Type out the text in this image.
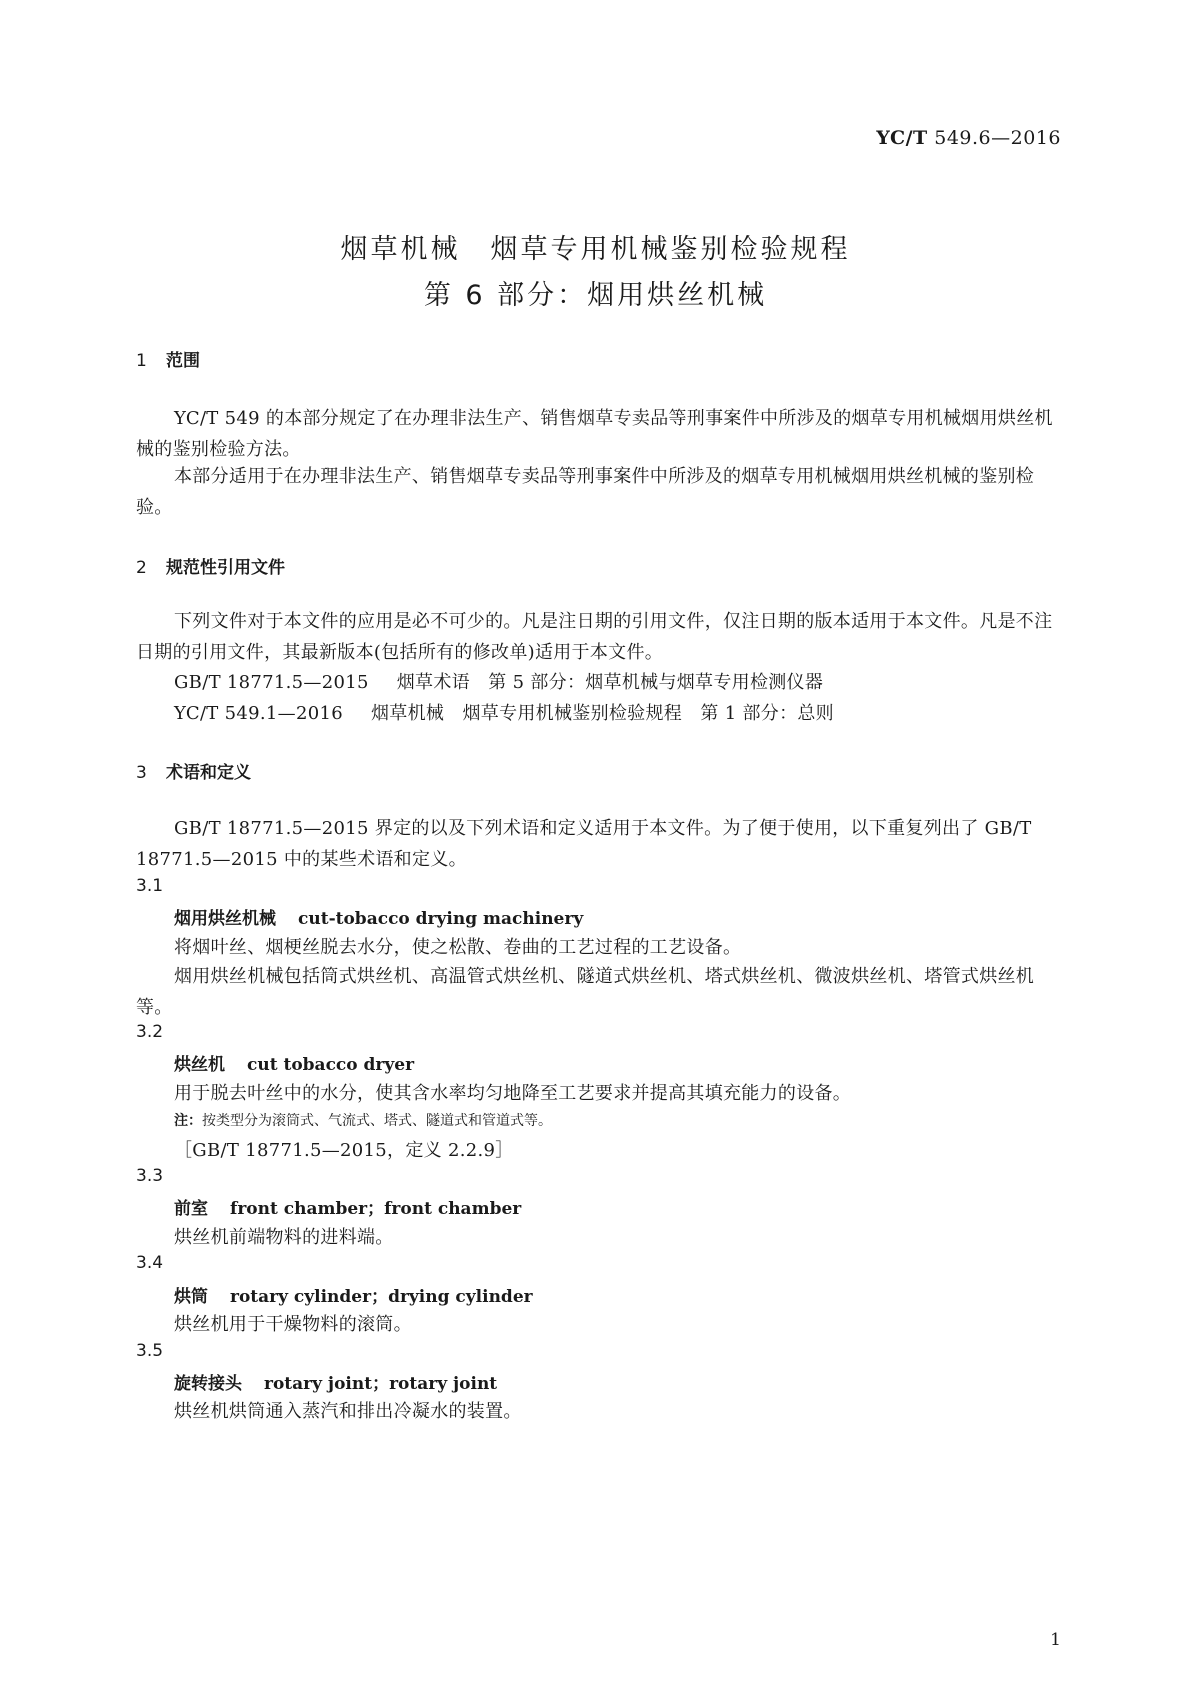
YC/T 549.6—2016
烟草机械　烟草专用机械鉴别检验规程
第 6 部分：烟用烘丝机械
1 范围
YC/T 549 的本部分规定了在办理非法生产、销售烟草专卖品等刑事案件中所涉及的烟草专用机械烟用烘丝机械的鉴别检验方法。
本部分适用于在办理非法生产、销售烟草专卖品等刑事案件中所涉及的烟草专用机械烟用烘丝机械的鉴别检验。
2 规范性引用文件
下列文件对于本文件的应用是必不可少的。凡是注日期的引用文件，仅注日期的版本适用于本文件。凡是不注日期的引用文件，其最新版本(包括所有的修改单)适用于本文件。
GB/T 18771.5—2015 烟草术语　第 5 部分：烟草机械与烟草专用检测仪器
YC/T 549.1—2016 烟草机械　烟草专用机械鉴别检验规程　第 1 部分：总则
3 术语和定义
GB/T 18771.5—2015 界定的以及下列术语和定义适用于本文件。为了便于使用，以下重复列出了 GB/T 18771.5—2015 中的某些术语和定义。
3.1
烟用烘丝机械 cut-tobacco drying machinery
将烟叶丝、烟梗丝脱去水分，使之松散、卷曲的工艺过程的工艺设备。
烟用烘丝机械包括筒式烘丝机、高温管式烘丝机、隧道式烘丝机、塔式烘丝机、微波烘丝机、塔管式烘丝机等。
3.2
烘丝机 cut tobacco dryer
用于脱去叶丝中的水分，使其含水率均匀地降至工艺要求并提高其填充能力的设备。
注：按类型分为滚筒式、气流式、塔式、隧道式和管道式等。
［GB/T 18771.5—2015，定义 2.2.9］
3.3
前室 front chamber；front chamber
烘丝机前端物料的进料端。
3.4
烘筒 rotary cylinder；drying cylinder
烘丝机用于干燥物料的滚筒。
3.5
旋转接头 rotary joint；rotary joint
烘丝机烘筒通入蒸汽和排出冷凝水的装置。
1
